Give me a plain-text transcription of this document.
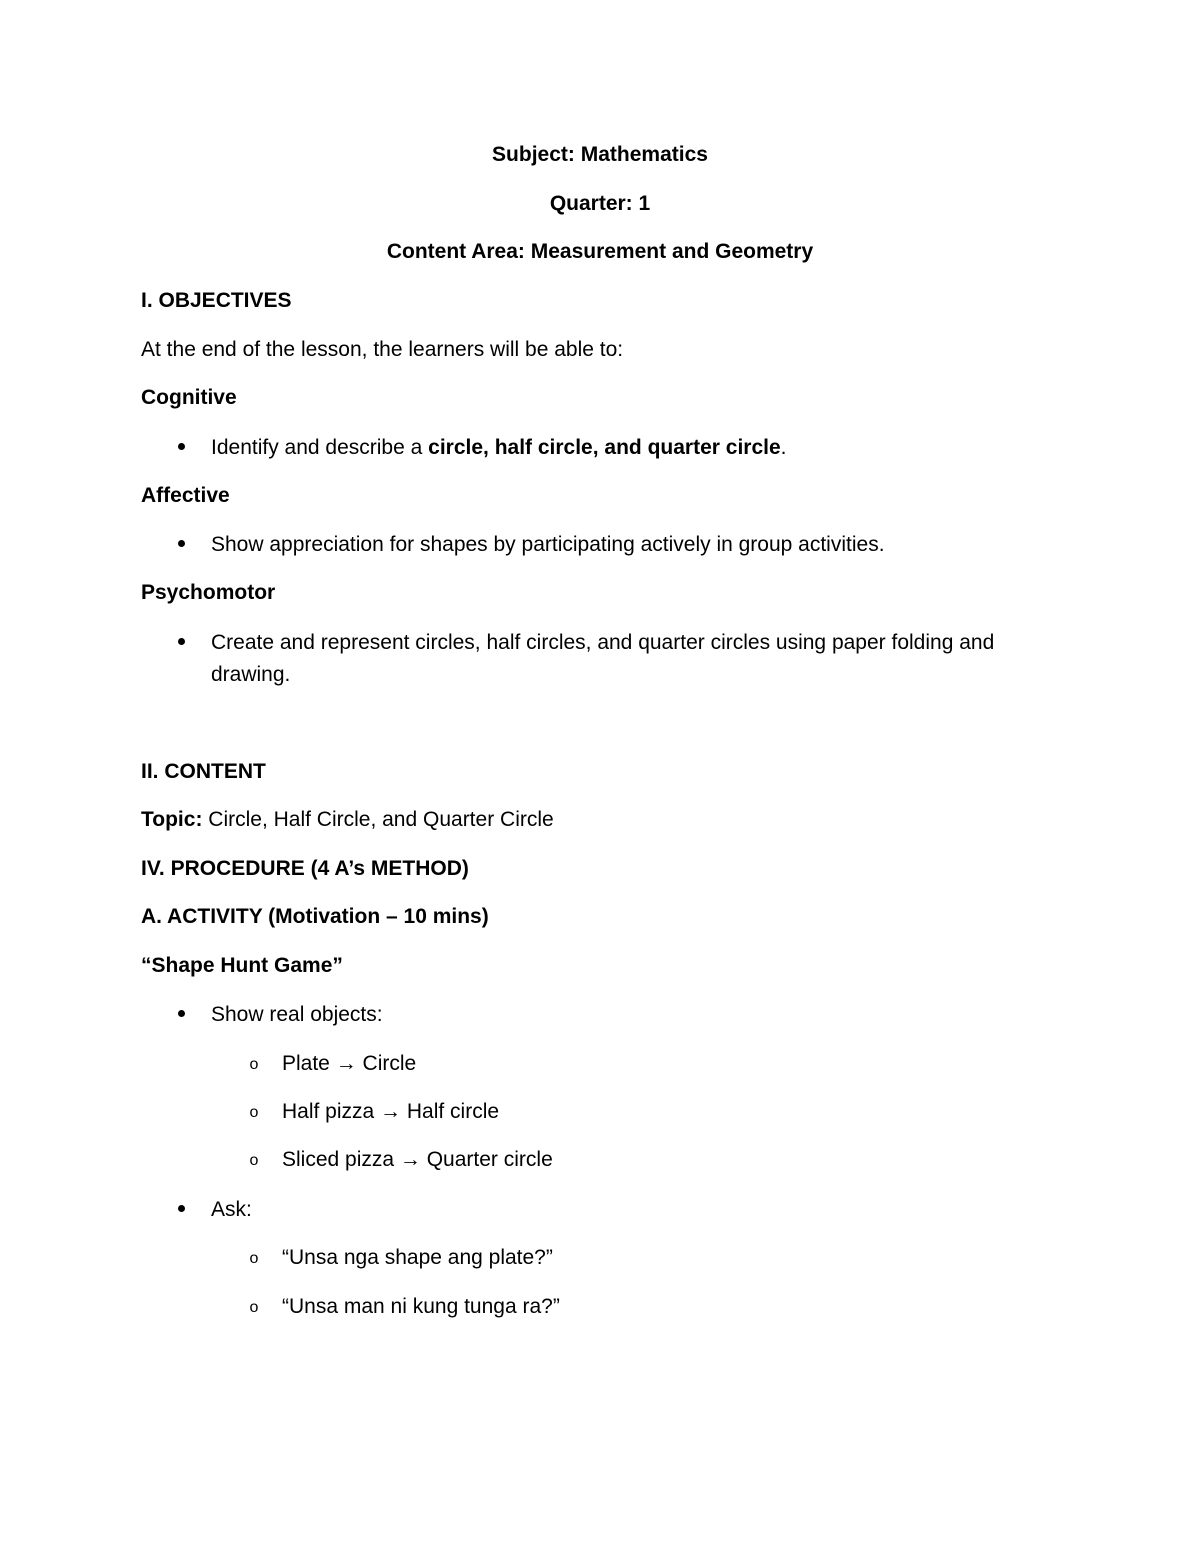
Subject: Mathematics
Quarter: 1
Content Area: Measurement and Geometry
I. OBJECTIVES
At the end of the lesson, the learners will be able to:
Cognitive
Identify and describe a circle, half circle, and quarter circle.
Affective
Show appreciation for shapes by participating actively in group activities.
Psychomotor
Create and represent circles, half circles, and quarter circles using paper folding and
drawing.
II. CONTENT
Topic: Circle, Half Circle, and Quarter Circle
IV. PROCEDURE (4 A’s METHOD)
A. ACTIVITY (Motivation – 10 mins)
“Shape Hunt Game”
Show real objects:
o Plate → Circle
o Half pizza → Half circle
o Sliced pizza → Quarter circle
Ask:
o “Unsa nga shape ang plate?”
o “Unsa man ni kung tunga ra?”
